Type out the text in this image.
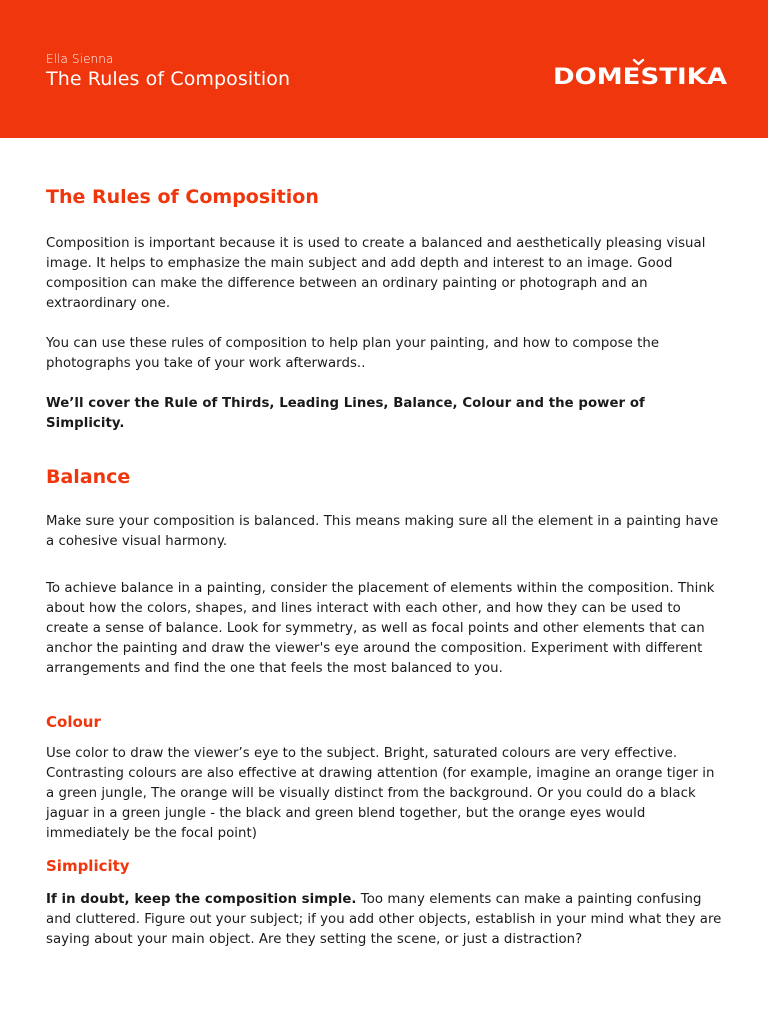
Ella Sienna
The Rules of Composition	DOMESTIKA
The Rules of Composition
Composition is important because it is used to create a balanced and aesthetically pleasing visual image. It helps to emphasize the main subject and add depth and interest to an image. Good composition can make the difference between an ordinary painting or photograph and an extraordinary one.
You can use these rules of composition to help plan your painting, and how to compose the photographs you take of your work afterwards..
We’ll cover the Rule of Thirds, Leading Lines, Balance, Colour and the power of Simplicity.
Balance
Make sure your composition is balanced. This means making sure all the element in a painting have a cohesive visual harmony.
To achieve balance in a painting, consider the placement of elements within the composition. Think about how the colors, shapes, and lines interact with each other, and how they can be used to create a sense of balance. Look for symmetry, as well as focal points and other elements that can anchor the painting and draw the viewer's eye around the composition. Experiment with different arrangements and find the one that feels the most balanced to you.
Colour
Use color to draw the viewer’s eye to the subject. Bright, saturated colours are very effective. Contrasting colours are also effective at drawing attention (for example, imagine an orange tiger in a green jungle, The orange will be visually distinct from the background. Or you could do a black jaguar in a green jungle - the black and green blend together, but the orange eyes would immediately be the focal point)
Simplicity
If in doubt, keep the composition simple. Too many elements can make a painting confusing and cluttered. Figure out your subject; if you add other objects, establish in your mind what they are saying about your main object. Are they setting the scene, or just a distraction?
